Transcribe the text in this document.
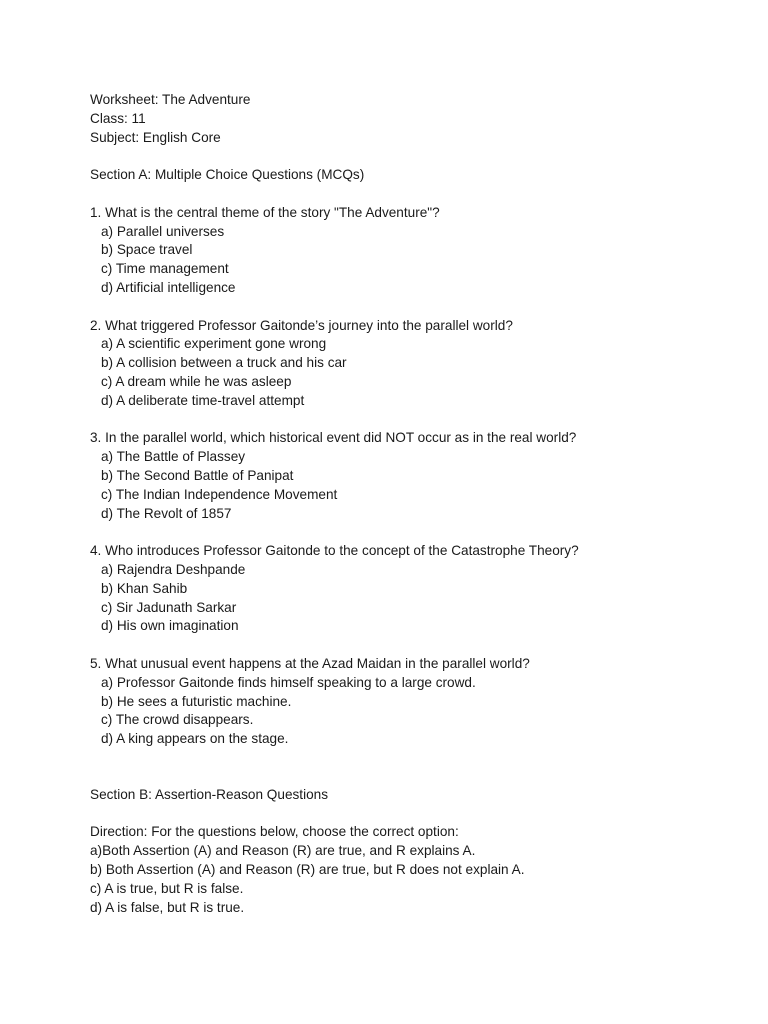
Worksheet: The Adventure
Class: 11
Subject: English Core
Section A: Multiple Choice Questions (MCQs)
1. What is the central theme of the story "The Adventure"?
a) Parallel universes
b) Space travel
c) Time management
d) Artificial intelligence
2. What triggered Professor Gaitonde’s journey into the parallel world?
a) A scientific experiment gone wrong
b) A collision between a truck and his car
c) A dream while he was asleep
d) A deliberate time-travel attempt
3. In the parallel world, which historical event did NOT occur as in the real world?
a) The Battle of Plassey
b) The Second Battle of Panipat
c) The Indian Independence Movement
d) The Revolt of 1857
4. Who introduces Professor Gaitonde to the concept of the Catastrophe Theory?
a) Rajendra Deshpande
b) Khan Sahib
c) Sir Jadunath Sarkar
d) His own imagination
5. What unusual event happens at the Azad Maidan in the parallel world?
a) Professor Gaitonde finds himself speaking to a large crowd.
b) He sees a futuristic machine.
c) The crowd disappears.
d) A king appears on the stage.
Section B: Assertion-Reason Questions
Direction: For the questions below, choose the correct option:
a)Both Assertion (A) and Reason (R) are true, and R explains A.
b) Both Assertion (A) and Reason (R) are true, but R does not explain A.
c) A is true, but R is false.
d) A is false, but R is true.
